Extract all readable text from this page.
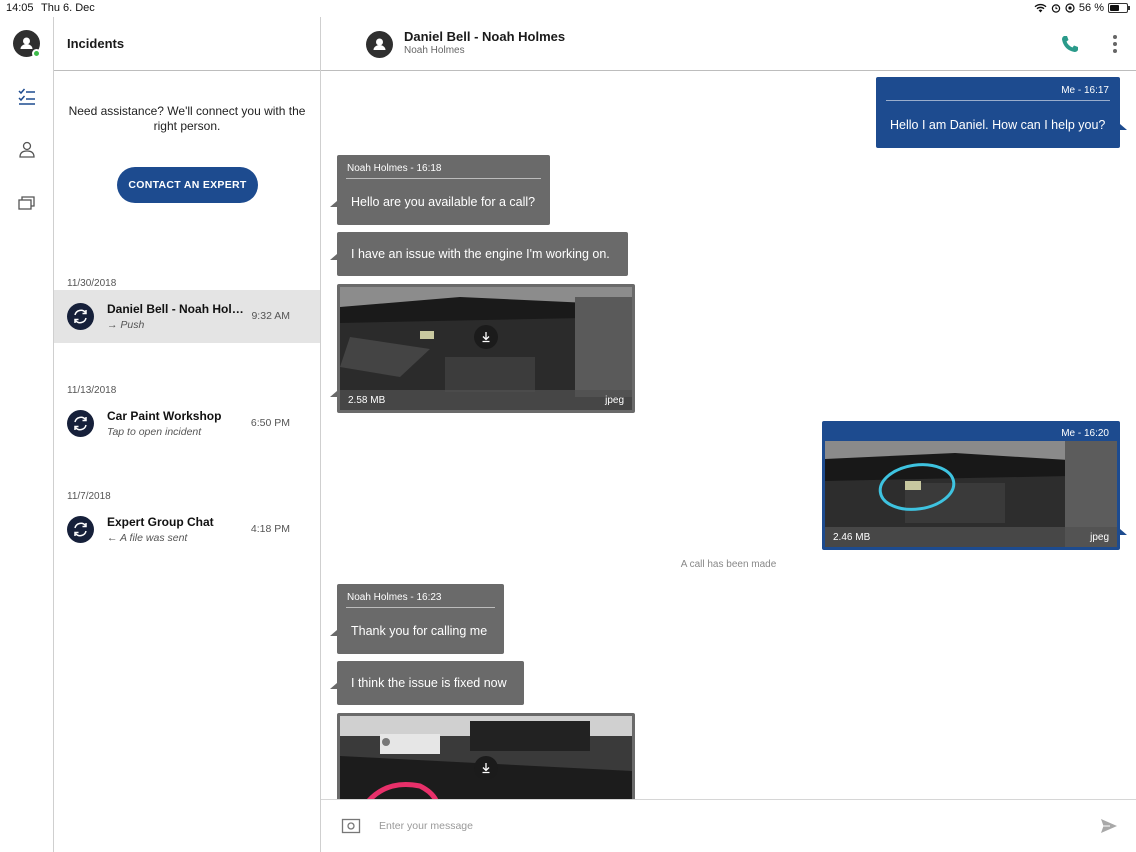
14:05 Thu 6. Dec	56 %
Incidents
Need assistance? We'll connect you with the right person.
CONTACT AN EXPERT
11/30/2018
Daniel Bell - Noah Holm...
→ Push
9:32 AM
11/13/2018
Car Paint Workshop
Tap to open incident
6:50 PM
11/7/2018
Expert Group Chat
← A file was sent
4:18 PM
Daniel Bell - Noah Holmes
Noah Holmes
Me - 16:17
Hello I am Daniel. How can I help you?
Noah Holmes - 16:18
Hello are you available for a call?
I have an issue with the engine I'm working on.
2.58 MB	jpeg
Me - 16:20
2.46 MB	jpeg
A call has been made
Noah Holmes - 16:23
Thank you for calling me
I think the issue is fixed now
Enter your message
